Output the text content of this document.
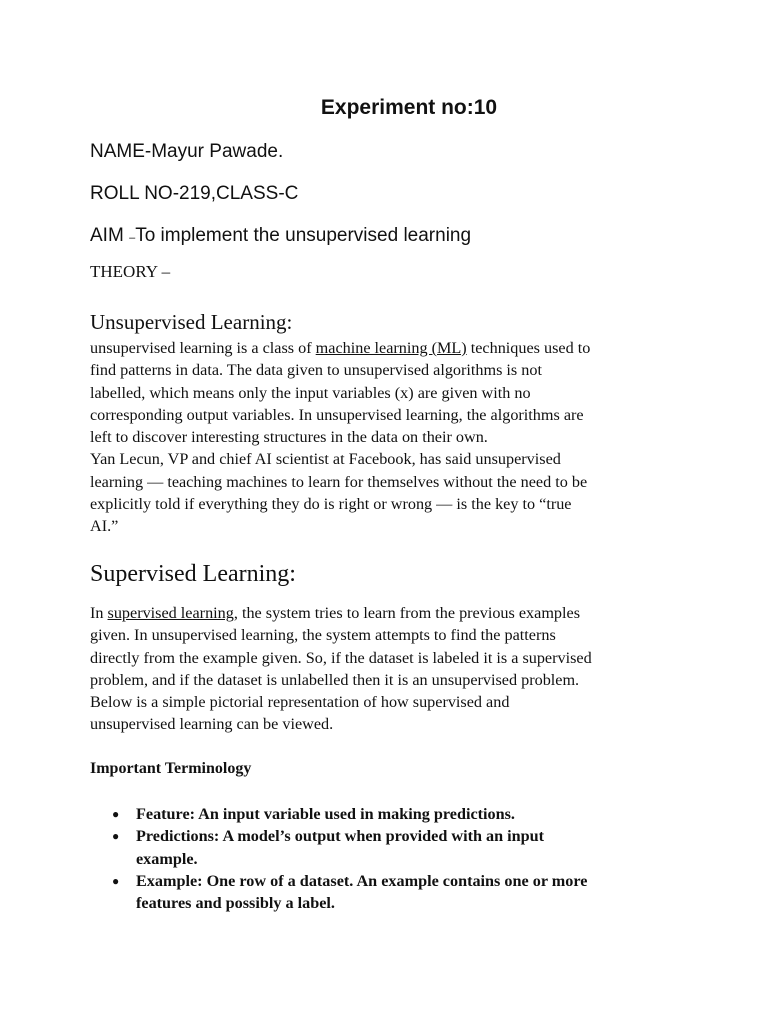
Experiment no:10
NAME-Mayur Pawade.
ROLL NO-219,CLASS-C
AIM –To implement the unsupervised learning
THEORY –
Unsupervised Learning:
unsupervised learning is a class of machine learning (ML) techniques used to
find patterns in data. The data given to unsupervised algorithms is not
labelled, which means only the input variables (x) are given with no
corresponding output variables. In unsupervised learning, the algorithms are
left to discover interesting structures in the data on their own.
Yan Lecun, VP and chief AI scientist at Facebook, has said unsupervised
learning — teaching machines to learn for themselves without the need to be
explicitly told if everything they do is right or wrong — is the key to “true
AI.”
Supervised Learning:
In supervised learning, the system tries to learn from the previous examples
given. In unsupervised learning, the system attempts to find the patterns
directly from the example given. So, if the dataset is labeled it is a supervised
problem, and if the dataset is unlabelled then it is an unsupervised problem.
Below is a simple pictorial representation of how supervised and
unsupervised learning can be viewed.
Important Terminology
● Feature: An input variable used in making predictions.
● Predictions: A model’s output when provided with an input
example.
● Example: One row of a dataset. An example contains one or more
features and possibly a label.
